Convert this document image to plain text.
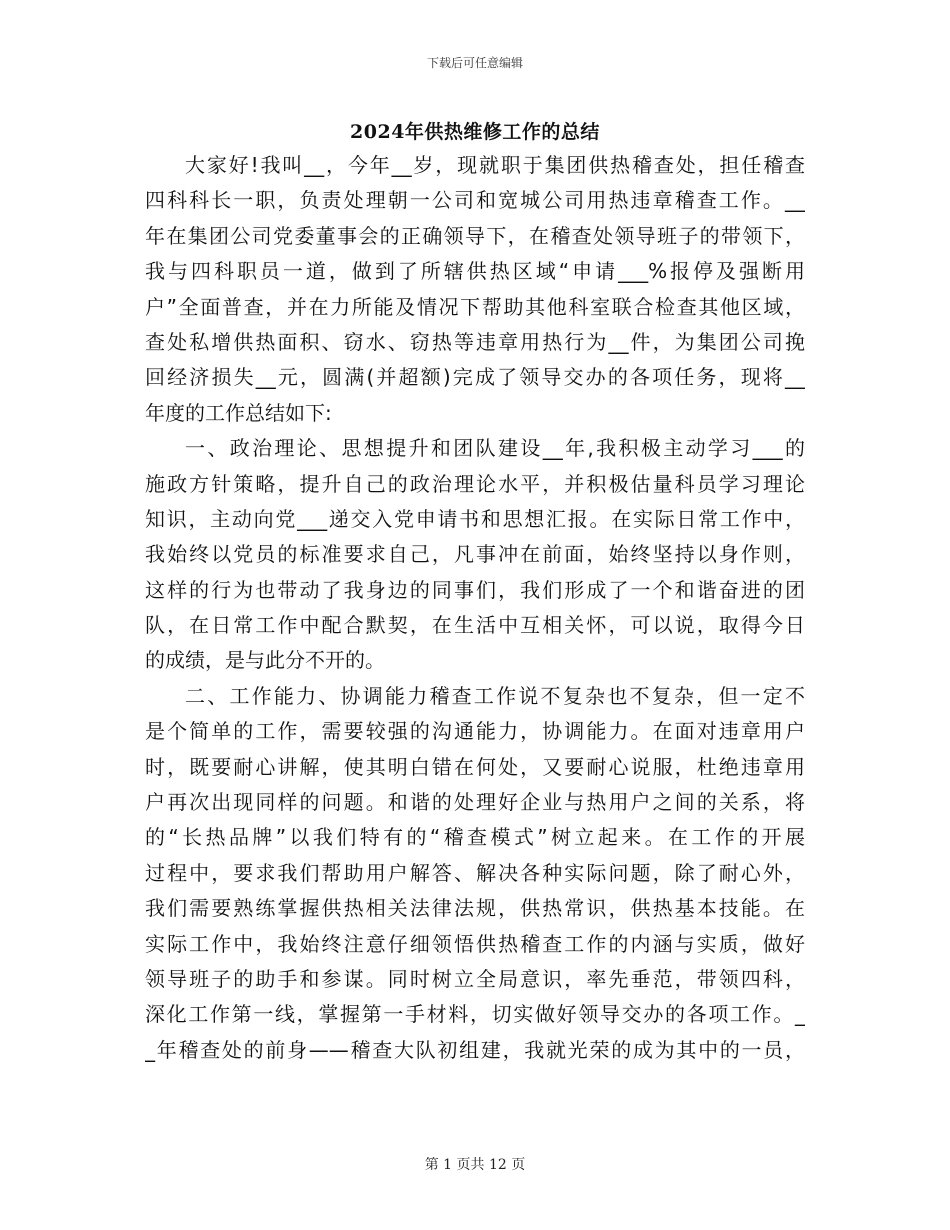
下载后可任意编辑
2024年供热维修工作的总结
大家好!我叫__，今年__岁，现就职于集团供热稽查处，担任稽查
四科科长一职，负责处理朝一公司和宽城公司用热违章稽查工作。__
年在集团公司党委董事会的正确领导下，在稽查处领导班子的带领下，
我与四科职员一道，做到了所辖供热区域“申请___%报停及强断用
户”全面普查，并在力所能及情况下帮助其他科室联合检查其他区域，
查处私增供热面积、窃水、窃热等违章用热行为__件，为集团公司挽
回经济损失__元，圆满(并超额)完成了领导交办的各项任务，现将__
年度的工作总结如下:
一、政治理论、思想提升和团队建设__年,我积极主动学习___的
施政方针策略，提升自己的政治理论水平，并积极估量科员学习理论
知识，主动向党___递交入党申请书和思想汇报。在实际日常工作中，
我始终以党员的标准要求自己，凡事冲在前面，始终坚持以身作则，
这样的行为也带动了我身边的同事们，我们形成了一个和谐奋进的团
队，在日常工作中配合默契，在生活中互相关怀，可以说，取得今日
的成绩，是与此分不开的。
二、工作能力、协调能力稽查工作说不复杂也不复杂，但一定不
是个简单的工作，需要较强的沟通能力，协调能力。在面对违章用户
时，既要耐心讲解，使其明白错在何处，又要耐心说服，杜绝违章用
户再次出现同样的问题。和谐的处理好企业与热用户之间的关系，将
的“长热品牌”以我们特有的“稽查模式”树立起来。在工作的开展
过程中，要求我们帮助用户解答、解决各种实际问题，除了耐心外，
我们需要熟练掌握供热相关法律法规，供热常识，供热基本技能。在
实际工作中，我始终注意仔细领悟供热稽查工作的内涵与实质，做好
领导班子的助手和参谋。同时树立全局意识，率先垂范，带领四科，
深化工作第一线，掌握第一手材料，切实做好领导交办的各项工作。_
_年稽查处的前身——稽查大队初组建，我就光荣的成为其中的一员，
第 1 页共 12 页
